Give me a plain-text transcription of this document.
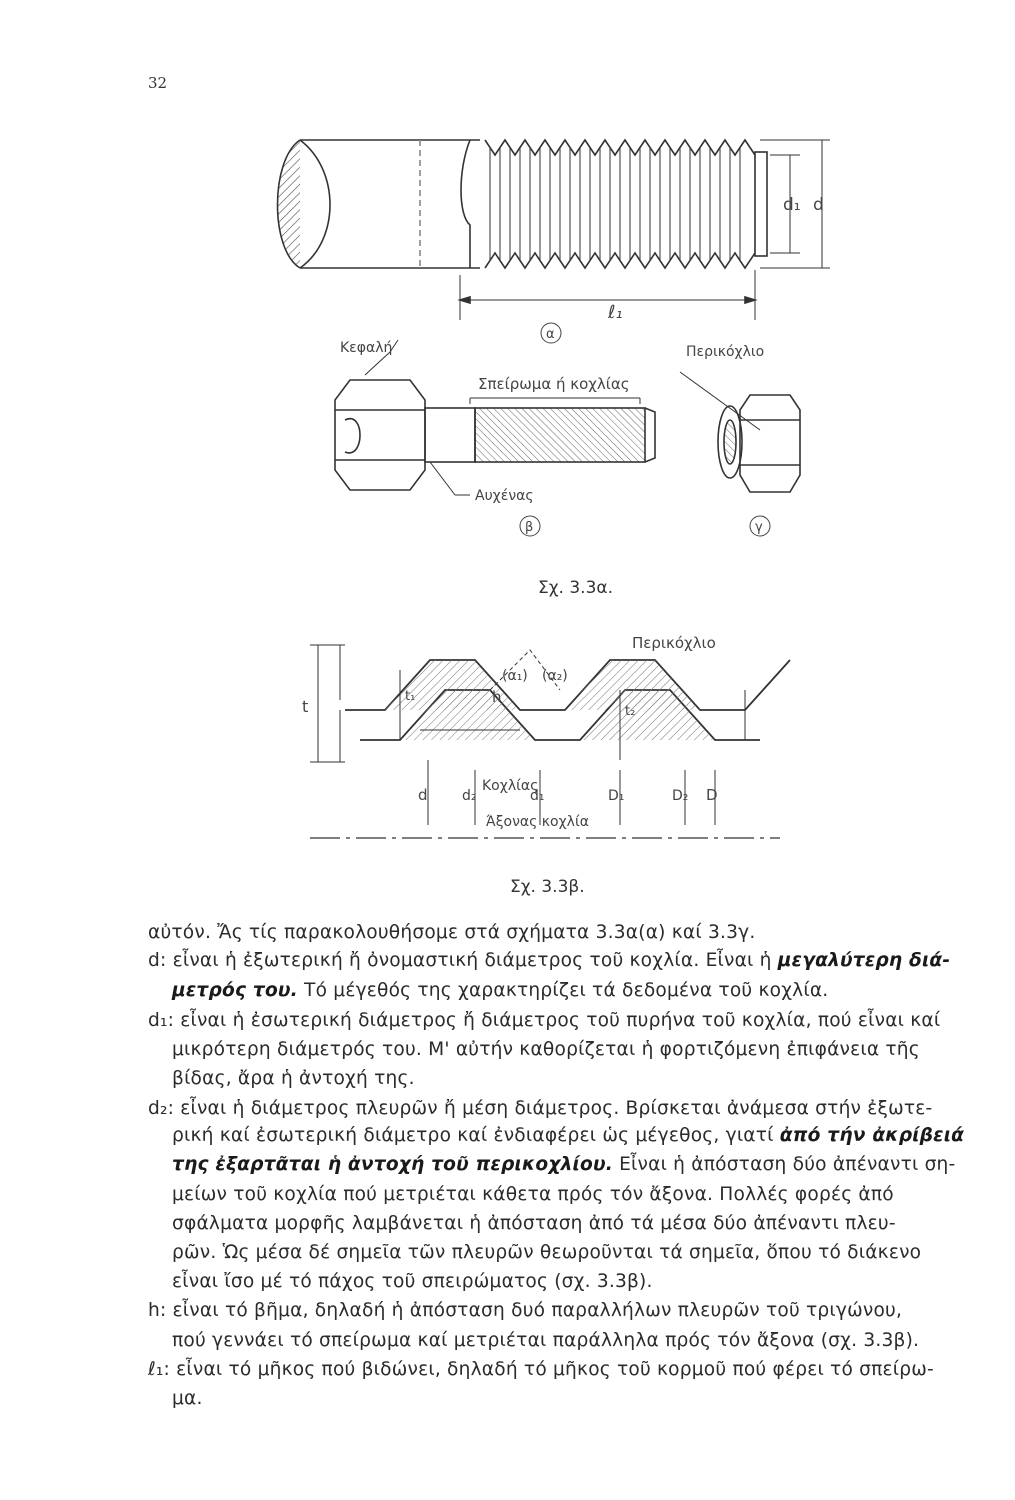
32
d₁ d
ℓ₁
α
Κεφαλή
Σπείρωμα ή κοχλίας
Αυχένας
β
Περικόχλιο
γ
Σχ. 3.3α.
Περικόχλιο
(α₁) (α₂)
h
t
t₁
t₂
d d₂	d₁	D₁	D₂ D
Κοχλίας
Άξονας κοχλία
Σχ. 3.3β.
αὐτόν. Ἄς τίς παρακολουθήσομε στά σχήματα 3.3α(α) καί 3.3γ.
d: εἶναι ἡ ἐξωτερική ἤ ὀνομαστική διάμετρος τοῦ κοχλία. Εἶναι ἡ μεγαλύτερη διά-
μετρός του. Τό μέγεθός της χαρακτηρίζει τά δεδομένα τοῦ κοχλία.
d₁: εἶναι ἡ ἐσωτερική διάμετρος ἤ διάμετρος τοῦ πυρήνα τοῦ κοχλία, πού εἶναι καί
μικρότερη διάμετρός του. Μ' αὐτήν καθορίζεται ἡ φορτιζόμενη ἐπιφάνεια τῆς
βίδας, ἄρα ἡ ἀντοχή της.
d₂: εἶναι ἡ διάμετρος πλευρῶν ἤ μέση διάμετρος. Βρίσκεται ἀνάμεσα στήν ἐξωτε-
ρική καί ἐσωτερική διάμετρο καί ἐνδιαφέρει ὡς μέγεθος, γιατί ἀπό τήν ἀκρίβειά
της ἐξαρτᾶται ἡ ἀντοχή τοῦ περικοχλίου. Εἶναι ἡ ἀπόσταση δύο ἀπέναντι ση-
μείων τοῦ κοχλία πού μετριέται κάθετα πρός τόν ἄξονα. Πολλές φορές ἀπό
σφάλματα μορφῆς λαμβάνεται ἡ ἀπόσταση ἀπό τά μέσα δύο ἀπέναντι πλευ-
ρῶν. Ὡς μέσα δέ σημεῖα τῶν πλευρῶν θεωροῦνται τά σημεῖα, ὅπου τό διάκενο
εἶναι ἴσο μέ τό πάχος τοῦ σπειρώματος (σχ. 3.3β).
h: εἶναι τό βῆμα, δηλαδή ἡ ἀπόσταση δυό παραλλήλων πλευρῶν τοῦ τριγώνου,
πού γεννάει τό σπείρωμα καί μετριέται παράλληλα πρός τόν ἄξονα (σχ. 3.3β).
ℓ₁: εἶναι τό μῆκος πού βιδώνει, δηλαδή τό μῆκος τοῦ κορμοῦ πού φέρει τό σπείρω-
μα.
